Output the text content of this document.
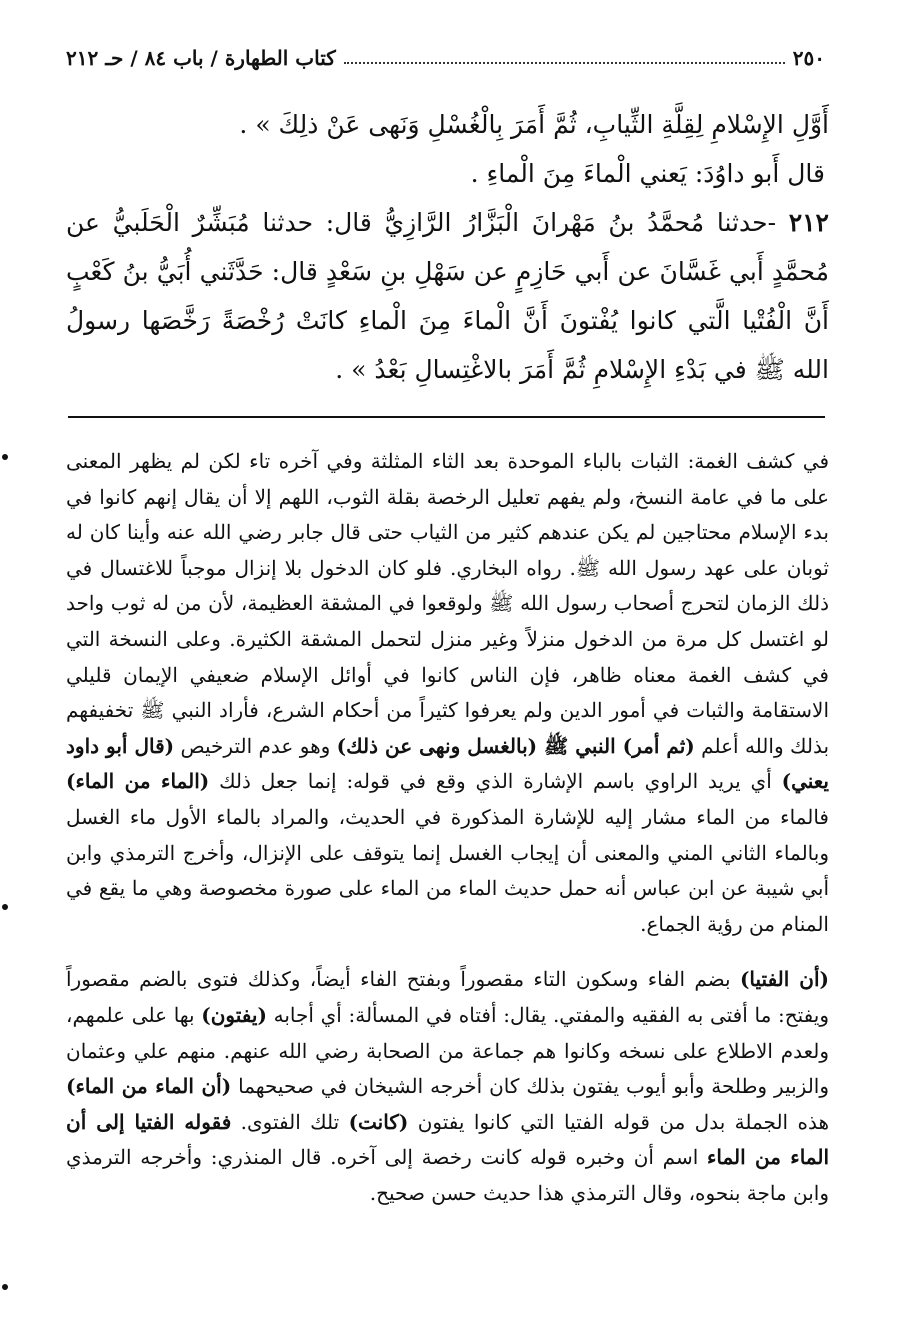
٢٥٠
كتاب الطهارة / باب ٨٤ / حـ ٢١٢

أَوَّلِ الإِسْلامِ لِقِلَّةِ الثِّيابِ، ثُمَّ أَمَرَ بِالْغُسْلِ وَنَهى عَنْ ذلِكَ » .

قال أَبو داوُدَ: يَعني الْماءَ مِنَ الْماءِ .

٢١٢ -حدثنا مُحمَّدُ بنُ مَهْرانَ الْبَزَّارُ الرَّازِيُّ قال: حدثنا مُبَشِّرٌ الْحَلَبيُّ عن مُحمَّدٍ أَبي غَسَّانَ عن أَبي حَازِمٍ عن سَهْلِ بنِ سَعْدٍ قال: حَدَّثَني أُبَيُّ بنُ كَعْبٍ أَنَّ الْفُتْيا الَّتي كانوا يُفْتونَ أَنَّ الْماءَ مِنَ الْماءِ كانَتْ رُخْصَةً رَخَّصَها رسولُ الله ﷺ في بَدْءِ الإِسْلامِ ثُمَّ أَمَرَ بالاغْتِسالِ بَعْدُ » .

في كشف الغمة: الثبات بالباء الموحدة بعد الثاء المثلثة وفي آخره تاء لكن لم يظهر المعنى على ما في عامة النسخ، ولم يفهم تعليل الرخصة بقلة الثوب، اللهم إلا أن يقال إنهم كانوا في بدء الإسلام محتاجين لم يكن عندهم كثير من الثياب حتى قال جابر رضي الله عنه وأينا كان له ثوبان على عهد رسول الله ﷺ. رواه البخاري. فلو كان الدخول بلا إنزال موجباً للاغتسال في ذلك الزمان لتحرج أصحاب رسول الله ﷺ ولوقعوا في المشقة العظيمة، لأن من له ثوب واحد لو اغتسل كل مرة من الدخول منزلاً وغير منزل لتحمل المشقة الكثيرة. وعلى النسخة التي في كشف الغمة معناه ظاهر، فإن الناس كانوا في أوائل الإسلام ضعيفي الإيمان قليلي الاستقامة والثبات في أمور الدين ولم يعرفوا كثيراً من أحكام الشرع، فأراد النبي ﷺ تخفيفهم بذلك والله أعلم (ثم أمر) النبي ﷺ (بالغسل ونهى عن ذلك) وهو عدم الترخيص (قال أبو داود يعني) أي يريد الراوي باسم الإشارة الذي وقع في قوله: إنما جعل ذلك (الماء من الماء) فالماء من الماء مشار إليه للإشارة المذكورة في الحديث، والمراد بالماء الأول ماء الغسل وبالماء الثاني المني والمعنى أن إيجاب الغسل إنما يتوقف على الإنزال، وأخرج الترمذي وابن أبي شيبة عن ابن عباس أنه حمل حديث الماء من الماء على صورة مخصوصة وهي ما يقع في المنام من رؤية الجماع.

(أن الفتيا) بضم الفاء وسكون التاء مقصوراً وبفتح الفاء أيضاً، وكذلك فتوى بالضم مقصوراً ويفتح: ما أفتى به الفقيه والمفتي. يقال: أفتاه في المسألة: أي أجابه (يفتون) بها على علمهم، ولعدم الاطلاع على نسخه وكانوا هم جماعة من الصحابة رضي الله عنهم. منهم علي وعثمان والزبير وطلحة وأبو أيوب يفتون بذلك كان أخرجه الشيخان في صحيحهما (أن الماء من الماء) هذه الجملة بدل من قوله الفتيا التي كانوا يفتون (كانت) تلك الفتوى. فقوله الفتيا إلى أن الماء من الماء اسم أن وخبره قوله كانت رخصة إلى آخره. قال المنذري: وأخرجه الترمذي وابن ماجة بنحوه، وقال الترمذي هذا حديث حسن صحيح.
